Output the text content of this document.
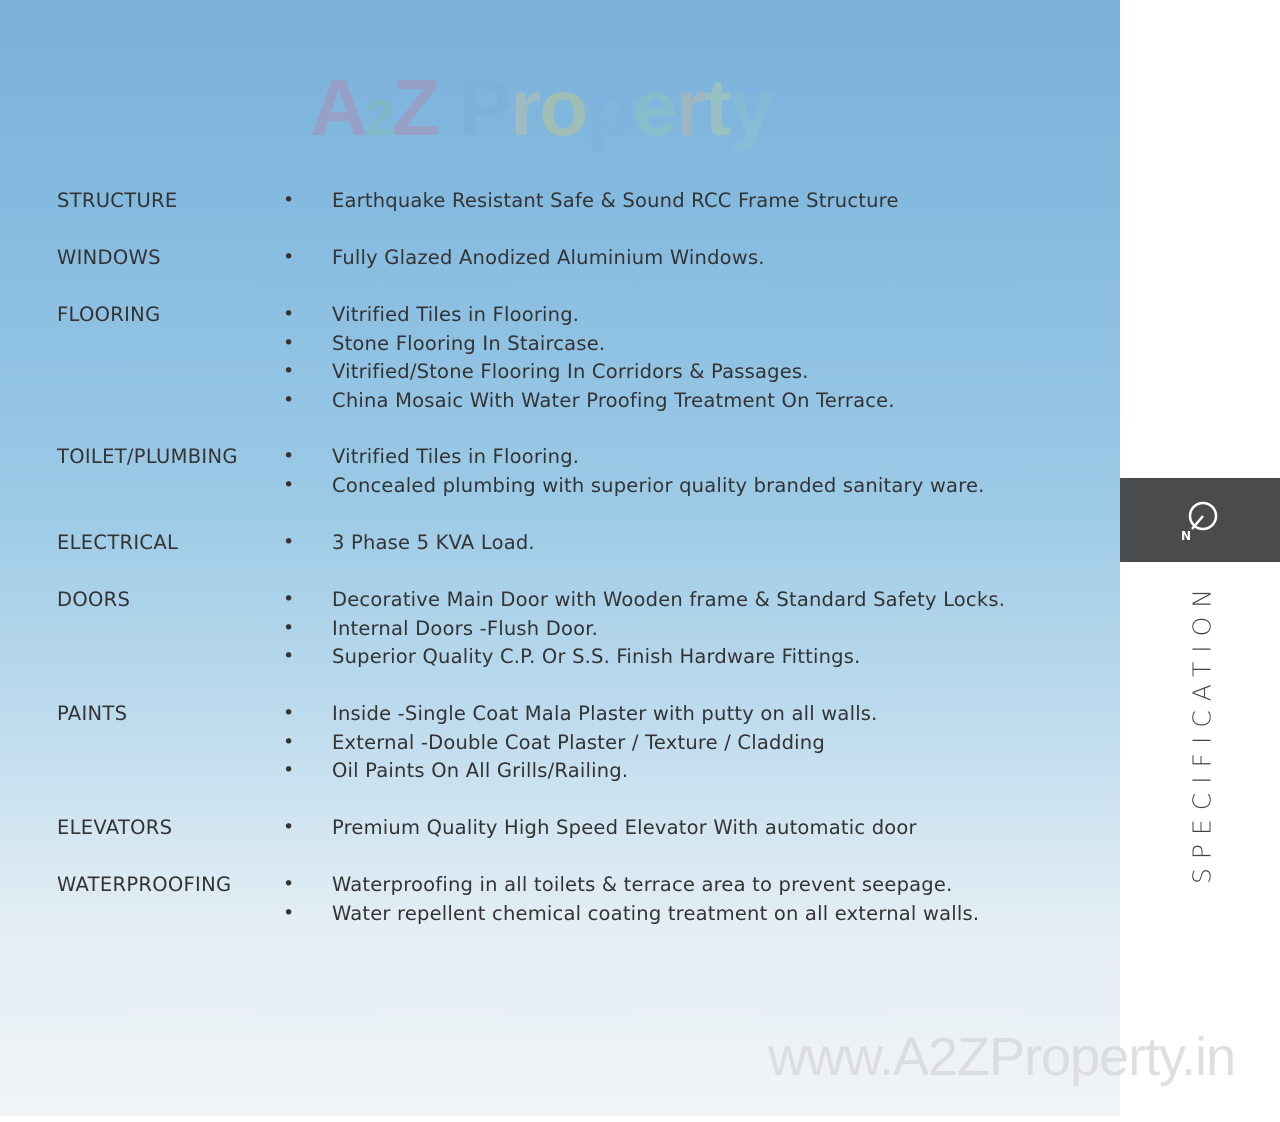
A2Z Property
N
SPECIFICATION
STRUCTURE	• Earthquake Resistant Safe & Sound RCC Frame Structure
WINDOWS	• Fully Glazed Anodized Aluminium Windows.
FLOORING	• Vitrified Tiles in Flooring.
• Stone Flooring In Staircase.
• Vitrified/Stone Flooring In Corridors & Passages.
• China Mosaic With Water Proofing Treatment On Terrace.
TOILET/PLUMBING • Vitrified Tiles in Flooring.
• Concealed plumbing with superior quality branded sanitary ware.
ELECTRICAL	• 3 Phase 5 KVA Load.
DOORS	• Decorative Main Door with Wooden frame & Standard Safety Locks.
• Internal Doors -Flush Door.
• Superior Quality C.P. Or S.S. Finish Hardware Fittings.
PAINTS	• Inside -Single Coat Mala Plaster with putty on all walls.
• External -Double Coat Plaster / Texture / Cladding
• Oil Paints On All Grills/Railing.
ELEVATORS	• Premium Quality High Speed Elevator With automatic door
WATERPROOFING	• Waterproofing in all toilets & terrace area to prevent seepage.
• Water repellent chemical coating treatment on all external walls.
www.A2ZProperty.in
